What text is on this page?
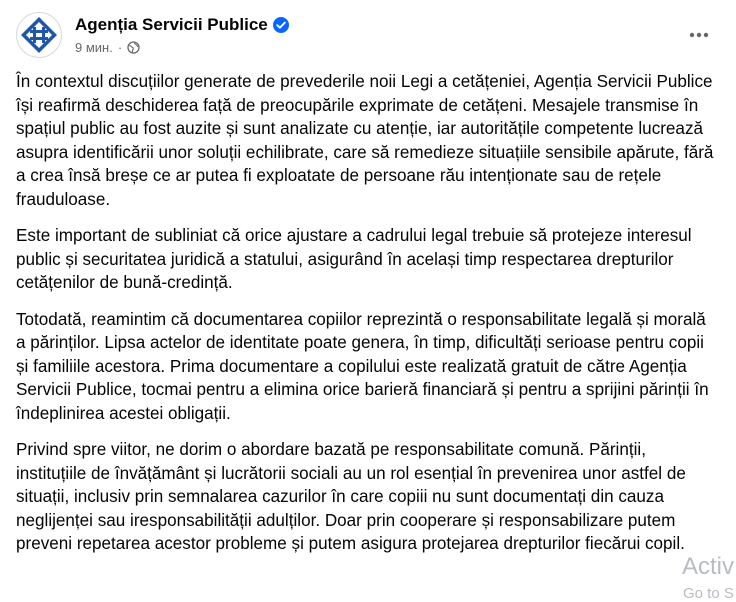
Agenția Servicii Publice
9 мин. ·

În contextul discuțiilor generate de prevederile noii Legi a cetățeniei, Agenția Servicii Publice își reafirmă deschiderea față de preocupările exprimate de cetățeni. Mesajele transmise în spațiul public au fost auzite și sunt analizate cu atenție, iar autoritățile competente lucrează asupra identificării unor soluții echilibrate, care să remedieze situațiile sensibile apărute, fără a crea însă breșe ce ar putea fi exploatate de persoane rău intenționate sau de rețele frauduloase.

Este important de subliniat că orice ajustare a cadrului legal trebuie să protejeze interesul public și securitatea juridică a statului, asigurând în același timp respectarea drepturilor cetățenilor de bună-credință.

Totodată, reamintim că documentarea copiilor reprezintă o responsabilitate legală și morală a părinților. Lipsa actelor de identitate poate genera, în timp, dificultăți serioase pentru copii și familiile acestora. Prima documentare a copilului este realizată gratuit de către Agenția Servicii Publice, tocmai pentru a elimina orice barieră financiară și pentru a sprijini părinții în îndeplinirea acestei obligații.

Privind spre viitor, ne dorim o abordare bazată pe responsabilitate comună. Părinții, instituțiile de învățământ și lucrătorii sociali au un rol esențial în prevenirea unor astfel de situații, inclusiv prin semnalarea cazurilor în care copiii nu sunt documentați din cauza neglijenței sau iresponsabilității adulților. Doar prin cooperare și responsabilizare putem preveni repetarea acestor probleme și putem asigura protejarea drepturilor fiecărui copil.

Activ
Go to S
